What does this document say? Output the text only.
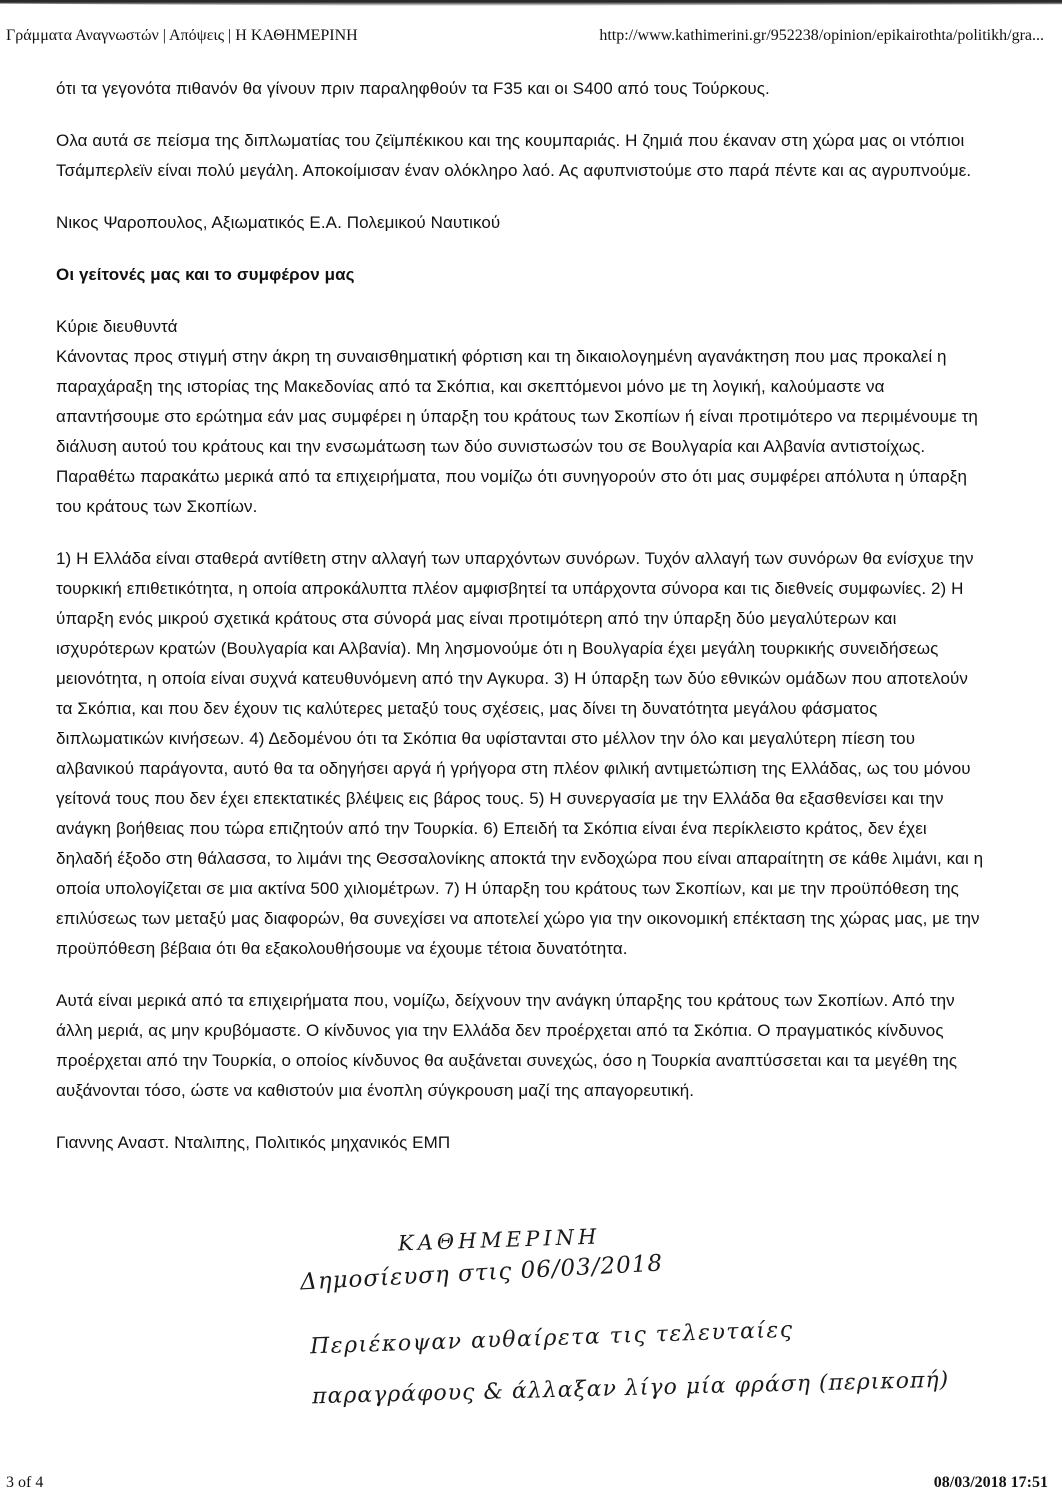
Γράμματα Αναγνωστών | Απόψεις | Η ΚΑΘΗΜΕΡΙΝΗ	http://www.kathimerini.gr/952238/opinion/epikairothta/politikh/gra...

ότι τα γεγονότα πιθανόν θα γίνουν πριν παραληφθούν τα F35 και οι S400 από τους Τούρκους.

Ολα αυτά σε πείσμα της διπλωματίας του ζεϊμπέκικου και της κουμπαριάς. Η ζημιά που έκαναν στη χώρα μας οι ντόπιοι Τσάμπερλεϊν είναι πολύ μεγάλη. Αποκοίμισαν έναν ολόκληρο λαό. Ας αφυπνιστούμε στο παρά πέντε και ας αγρυπνούμε.

Νικος Ψαροπουλος, Αξιωματικός Ε.Α. Πολεμικού Ναυτικού

Οι γείτονές μας και το συμφέρον μας

Κύριε διευθυντά

Κάνοντας προς στιγμή στην άκρη τη συναισθηματική φόρτιση και τη δικαιολογημένη αγανάκτηση που μας προκαλεί η παραχάραξη της ιστορίας της Μακεδονίας από τα Σκόπια, και σκεπτόμενοι μόνο με τη λογική, καλούμαστε να απαντήσουμε στο ερώτημα εάν μας συμφέρει η ύπαρξη του κράτους των Σκοπίων ή είναι προτιμότερο να περιμένουμε τη διάλυση αυτού του κράτους και την ενσωμάτωση των δύο συνιστωσών του σε Βουλγαρία και Αλβανία αντιστοίχως. Παραθέτω παρακάτω μερικά από τα επιχειρήματα, που νομίζω ότι συνηγορούν στο ότι μας συμφέρει απόλυτα η ύπαρξη του κράτους των Σκοπίων.

1) Η Ελλάδα είναι σταθερά αντίθετη στην αλλαγή των υπαρχόντων συνόρων. Τυχόν αλλαγή των συνόρων θα ενίσχυε την τουρκική επιθετικότητα, η οποία απροκάλυπτα πλέον αμφισβητεί τα υπάρχοντα σύνορα και τις διεθνείς συμφωνίες. 2) Η ύπαρξη ενός μικρού σχετικά κράτους στα σύνορά μας είναι προτιμότερη από την ύπαρξη δύο μεγαλύτερων και ισχυρότερων κρατών (Βουλγαρία και Αλβανία). Μη λησμονούμε ότι η Βουλγαρία έχει μεγάλη τουρκικής συνειδήσεως μειονότητα, η οποία είναι συχνά κατευθυνόμενη από την Αγκυρα. 3) Η ύπαρξη των δύο εθνικών ομάδων που αποτελούν τα Σκόπια, και που δεν έχουν τις καλύτερες μεταξύ τους σχέσεις, μας δίνει τη δυνατότητα μεγάλου φάσματος διπλωματικών κινήσεων. 4) Δεδομένου ότι τα Σκόπια θα υφίστανται στο μέλλον την όλο και μεγαλύτερη πίεση του αλβανικού παράγοντα, αυτό θα τα οδηγήσει αργά ή γρήγορα στη πλέον φιλική αντιμετώπιση της Ελλάδας, ως του μόνου γείτονά τους που δεν έχει επεκτατικές βλέψεις εις βάρος τους. 5) Η συνεργασία με την Ελλάδα θα εξασθενίσει και την ανάγκη βοήθειας που τώρα επιζητούν από την Τουρκία. 6) Επειδή τα Σκόπια είναι ένα περίκλειστο κράτος, δεν έχει δηλαδή έξοδο στη θάλασσα, το λιμάνι της Θεσσαλονίκης αποκτά την ενδοχώρα που είναι απαραίτητη σε κάθε λιμάνι, και η οποία υπολογίζεται σε μια ακτίνα 500 χιλιομέτρων. 7) Η ύπαρξη του κράτους των Σκοπίων, και με την προϋπόθεση της επιλύσεως των μεταξύ μας διαφορών, θα συνεχίσει να αποτελεί χώρο για την οικονομική επέκταση της χώρας μας, με την προϋπόθεση βέβαια ότι θα εξακολουθήσουμε να έχουμε τέτοια δυνατότητα.

Αυτά είναι μερικά από τα επιχειρήματα που, νομίζω, δείχνουν την ανάγκη ύπαρξης του κράτους των Σκοπίων. Από την άλλη μεριά, ας μην κρυβόμαστε. Ο κίνδυνος για την Ελλάδα δεν προέρχεται από τα Σκόπια. Ο πραγματικός κίνδυνος προέρχεται από την Τουρκία, ο οποίος κίνδυνος θα αυξάνεται συνεχώς, όσο η Τουρκία αναπτύσσεται και τα μεγέθη της αυξάνονται τόσο, ώστε να καθιστούν μια ένοπλη σύγκρουση μαζί της απαγορευτική.

Γιαννης Αναστ. Νταλιπης, Πολιτικός μηχανικός ΕΜΠ

ΚΑΘΗΜΕΡΙΝΗ
Δημοσίευση στις 06/03/2018
Περιέκοψαν αυθαίρετα τις τελευταίες
παραγράφους & άλλαξαν λίγο μία φράση (περικοπή)
3 of 4	08/03/2018 17:51
